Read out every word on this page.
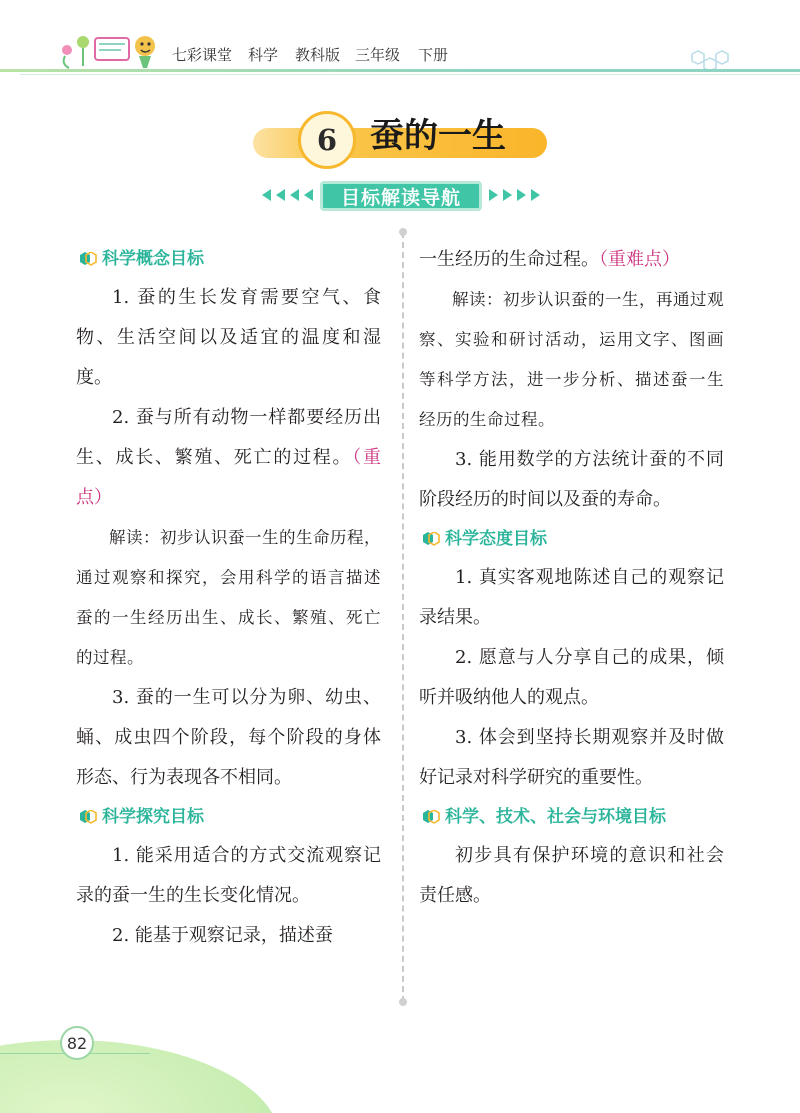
七彩课堂 科学 教科版 三年级 下册
6 蚕的一生
目标解读导航
科学概念目标

1. 蚕的生长发育需要空气、食物、生活空间以及适宜的温度和湿度。

2. 蚕与所有动物一样都要经历出生、成长、繁殖、死亡的过程。（重点）

解读：初步认识蚕一生的生命历程，通过观察和探究，会用科学的语言描述蚕的一生经历出生、成长、繁殖、死亡的过程。

3. 蚕的一生可以分为卵、幼虫、蛹、成虫四个阶段，每个阶段的身体形态、行为表现各不相同。

科学探究目标

1. 能采用适合的方式交流观察记录的蚕一生的生长变化情况。

2. 能基于观察记录，描述蚕

一生经历的生命过程。（重难点）

解读：初步认识蚕的一生，再通过观察、实验和研讨活动，运用文字、图画等科学方法，进一步分析、描述蚕一生经历的生命过程。

3. 能用数学的方法统计蚕的不同阶段经历的时间以及蚕的寿命。

科学态度目标

1. 真实客观地陈述自己的观察记录结果。

2. 愿意与人分享自己的成果，倾听并吸纳他人的观点。

3. 体会到坚持长期观察并及时做好记录对科学研究的重要性。

科学、技术、社会与环境目标

初步具有保护环境的意识和社会责任感。

82
